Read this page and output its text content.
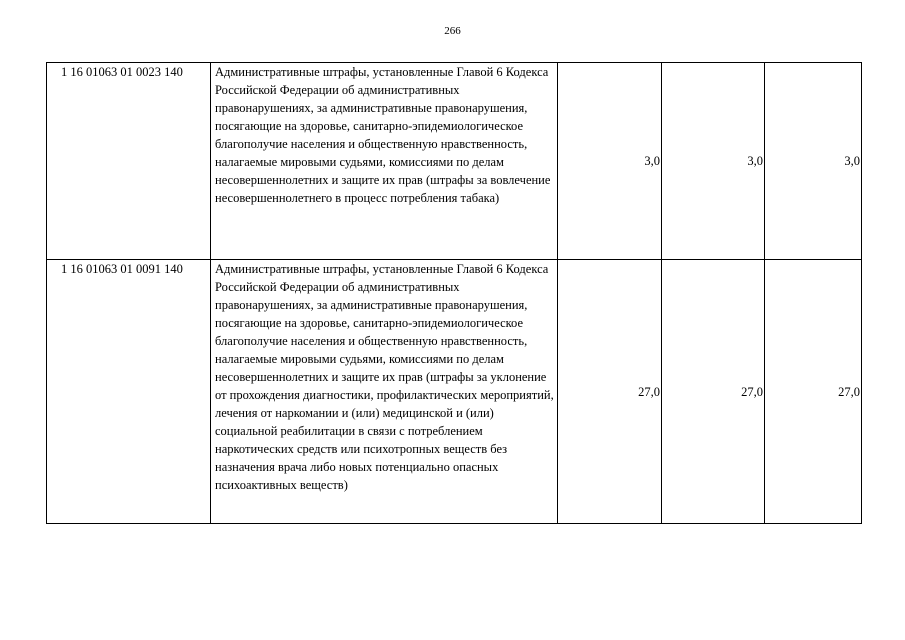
266
1 16 01063 01 0023 140	Административные штрафы, установленные Главой 6 Кодекса Российской Федерации об административных правонарушениях, за административные правонарушения, посягающие на здоровье, санитарно-эпидемиологическое благополучие населения и общественную нравственность, налагаемые мировыми судьями, комиссиями по делам несовершеннолетних и защите их прав (штрафы за вовлечение несовершеннолетнего в процесс потребления табака)	3,0	3,0	3,0
1 16 01063 01 0091 140	Административные штрафы, установленные Главой 6 Кодекса Российской Федерации об административных правонарушениях, за административные правонарушения, посягающие на здоровье, санитарно-эпидемиологическое благополучие населения и общественную нравственность, налагаемые мировыми судьями, комиссиями по делам несовершеннолетних и защите их прав (штрафы за уклонение от прохождения диагностики, профилактических мероприятий, лечения от наркомании и (или) медицинской и (или) социальной реабилитации в связи с потреблением наркотических средств или психотропных веществ без назначения врача либо новых потенциально опасных психоактивных веществ)	27,0	27,0	27,0
